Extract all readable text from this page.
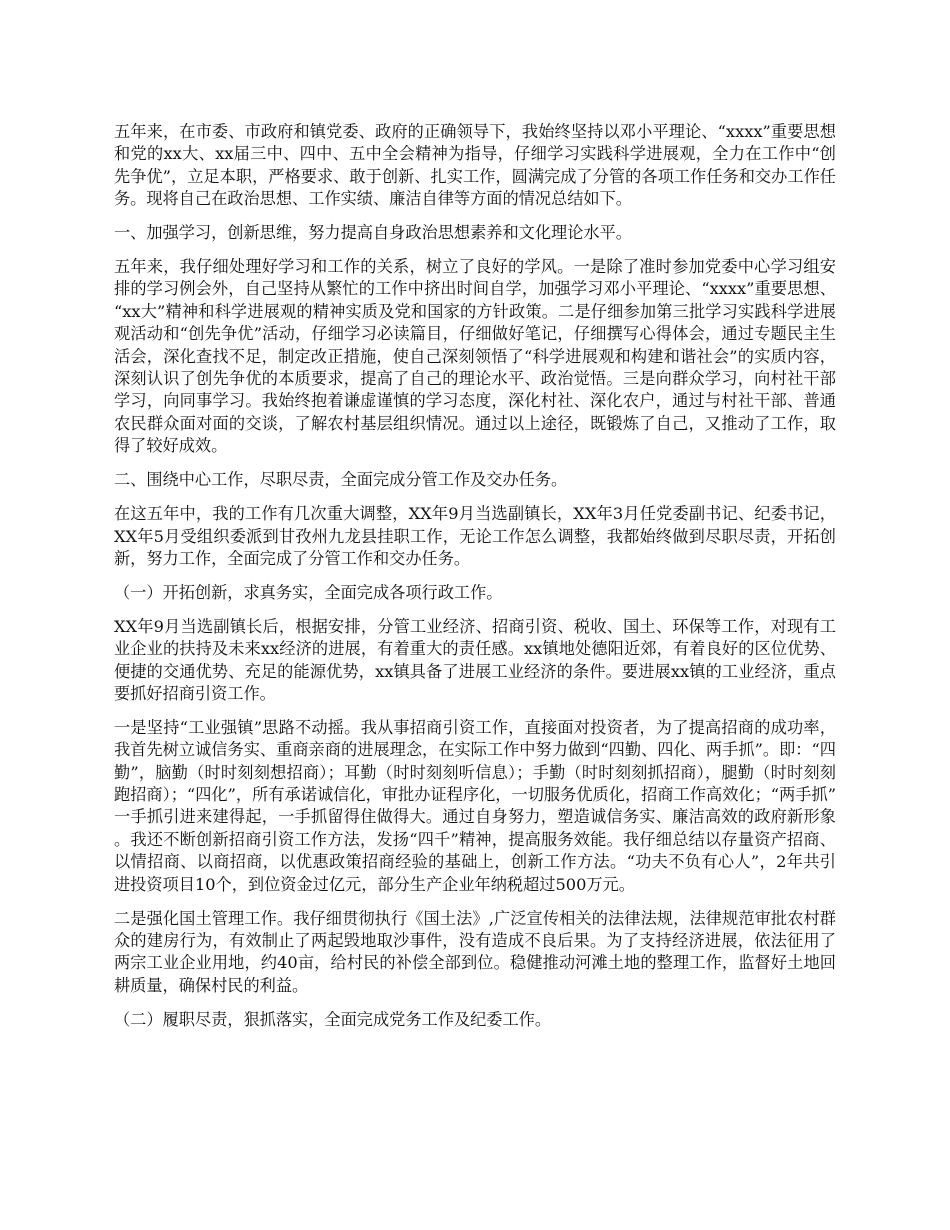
五年来，在市委、市政府和镇党委、政府的正确领导下，我始终坚持以邓小平理论、“xxxx”重要思想和党的xx大、xx届三中、四中、五中全会精神为指导，仔细学习实践科学进展观，全力在工作中“创先争优”，立足本职，严格要求、敢于创新、扎实工作，圆满完成了分管的各项工作任务和交办工作任务。现将自己在政治思想、工作实绩、廉洁自律等方面的情况总结如下。

一、加强学习，创新思维，努力提高自身政治思想素养和文化理论水平。

五年来，我仔细处理好学习和工作的关系，树立了良好的学风。一是除了准时参加党委中心学习组安排的学习例会外，自己坚持从繁忙的工作中挤出时间自学，加强学习邓小平理论、“xxxx”重要思想、“xx大”精神和科学进展观的精神实质及党和国家的方针政策。二是仔细参加第三批学习实践科学进展观活动和“创先争优”活动，仔细学习必读篇目，仔细做好笔记，仔细撰写心得体会，通过专题民主生活会，深化查找不足，制定改正措施，使自己深刻领悟了“科学进展观和构建和谐社会”的实质内容，深刻认识了创先争优的本质要求，提高了自己的理论水平、政治觉悟。三是向群众学习，向村社干部学习，向同事学习。我始终抱着谦虚谨慎的学习态度，深化村社、深化农户，通过与村社干部、普通农民群众面对面的交谈，了解农村基层组织情况。通过以上途径，既锻炼了自己，又推动了工作，取得了较好成效。

二、围绕中心工作，尽职尽责，全面完成分管工作及交办任务。

在这五年中，我的工作有几次重大调整，XX年9月当选副镇长，XX年3月任党委副书记、纪委书记，XX年5月受组织委派到甘孜州九龙县挂职工作，无论工作怎么调整，我都始终做到尽职尽责，开拓创新，努力工作，全面完成了分管工作和交办任务。

（一）开拓创新，求真务实，全面完成各项行政工作。

XX年9月当选副镇长后，根据安排，分管工业经济、招商引资、税收、国土、环保等工作，对现有工业企业的扶持及未来xx经济的进展，有着重大的责任感。xx镇地处德阳近郊，有着良好的区位优势、便捷的交通优势、充足的能源优势，xx镇具备了进展工业经济的条件。要进展xx镇的工业经济，重点要抓好招商引资工作。

一是坚持“工业强镇”思路不动摇。我从事招商引资工作，直接面对投资者，为了提高招商的成功率，我首先树立诚信务实、重商亲商的进展理念，在实际工作中努力做到“四勤、四化、两手抓”。即：“四勤”，脑勤（时时刻刻想招商）；耳勤（时时刻刻听信息）；手勤（时时刻刻抓招商），腿勤（时时刻刻跑招商）；“四化”，所有承诺诚信化，审批办证程序化，一切服务优质化，招商工作高效化；“两手抓”一手抓引进来建得起，一手抓留得住做得大。通过自身努力，塑造诚信务实、廉洁高效的政府新形象。我还不断创新招商引资工作方法，发扬“四千”精神，提高服务效能。我仔细总结以存量资产招商、以情招商、以商招商，以优惠政策招商经验的基础上，创新工作方法。“功夫不负有心人”，2年共引进投资项目10个，到位资金过亿元，部分生产企业年纳税超过500万元。

二是强化国土管理工作。我仔细贯彻执行《国土法》,广泛宣传相关的法律法规，法律规范审批农村群众的建房行为，有效制止了两起毁地取沙事件，没有造成不良后果。为了支持经济进展，依法征用了两宗工业企业用地，约40亩，给村民的补偿全部到位。稳健推动河滩土地的整理工作，监督好土地回耕质量，确保村民的利益。

（二）履职尽责，狠抓落实，全面完成党务工作及纪委工作。
